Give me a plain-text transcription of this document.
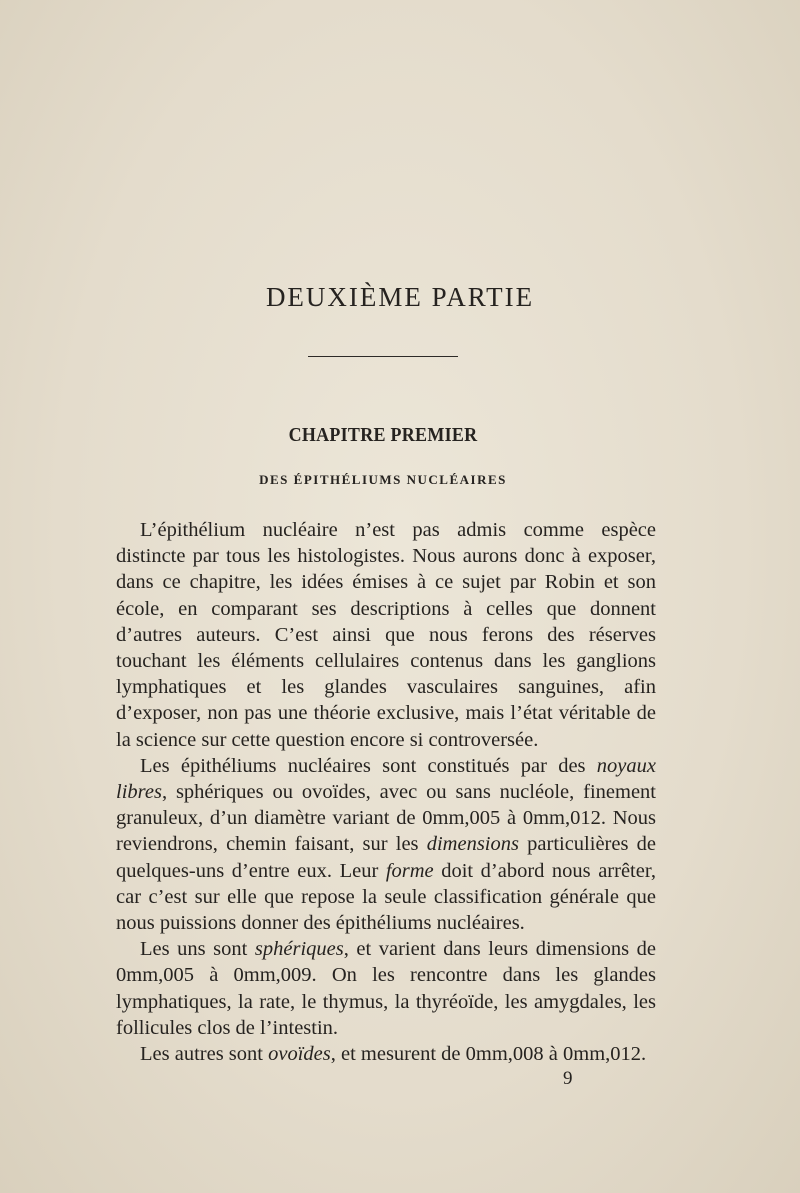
DEUXIÈME PARTIE
CHAPITRE PREMIER
DES ÉPITHÉLIUMS NUCLÉAIRES

L’épithélium nucléaire n’est pas admis comme espèce distincte par tous les histologistes. Nous aurons donc à exposer, dans ce chapitre, les idées émises à ce sujet par Robin et son école, en comparant ses descriptions à celles que donnent d’autres auteurs. C’est ainsi que nous ferons des réserves touchant les éléments cellulaires contenus dans les ganglions lymphatiques et les glandes vasculaires sanguines, afin d’exposer, non pas une théorie exclusive, mais l’état véritable de la science sur cette question encore si controversée.

Les épithéliums nucléaires sont constitués par des noyaux libres, sphériques ou ovoïdes, avec ou sans nucléole, finement granuleux, d’un diamètre variant de 0mm,005 à 0mm,012. Nous reviendrons, chemin faisant, sur les dimensions particulières de quelques-uns d’entre eux. Leur forme doit d’abord nous arrêter, car c’est sur elle que repose la seule classification générale que nous puissions donner des épithéliums nucléaires.

Les uns sont sphériques, et varient dans leurs dimensions de 0mm,005 à 0mm,009. On les rencontre dans les glandes lymphatiques, la rate, le thymus, la thyréoïde, les amygdales, les follicules clos de l’intestin.

Les autres sont ovoïdes, et mesurent de 0mm,008 à 0mm,012.

9
